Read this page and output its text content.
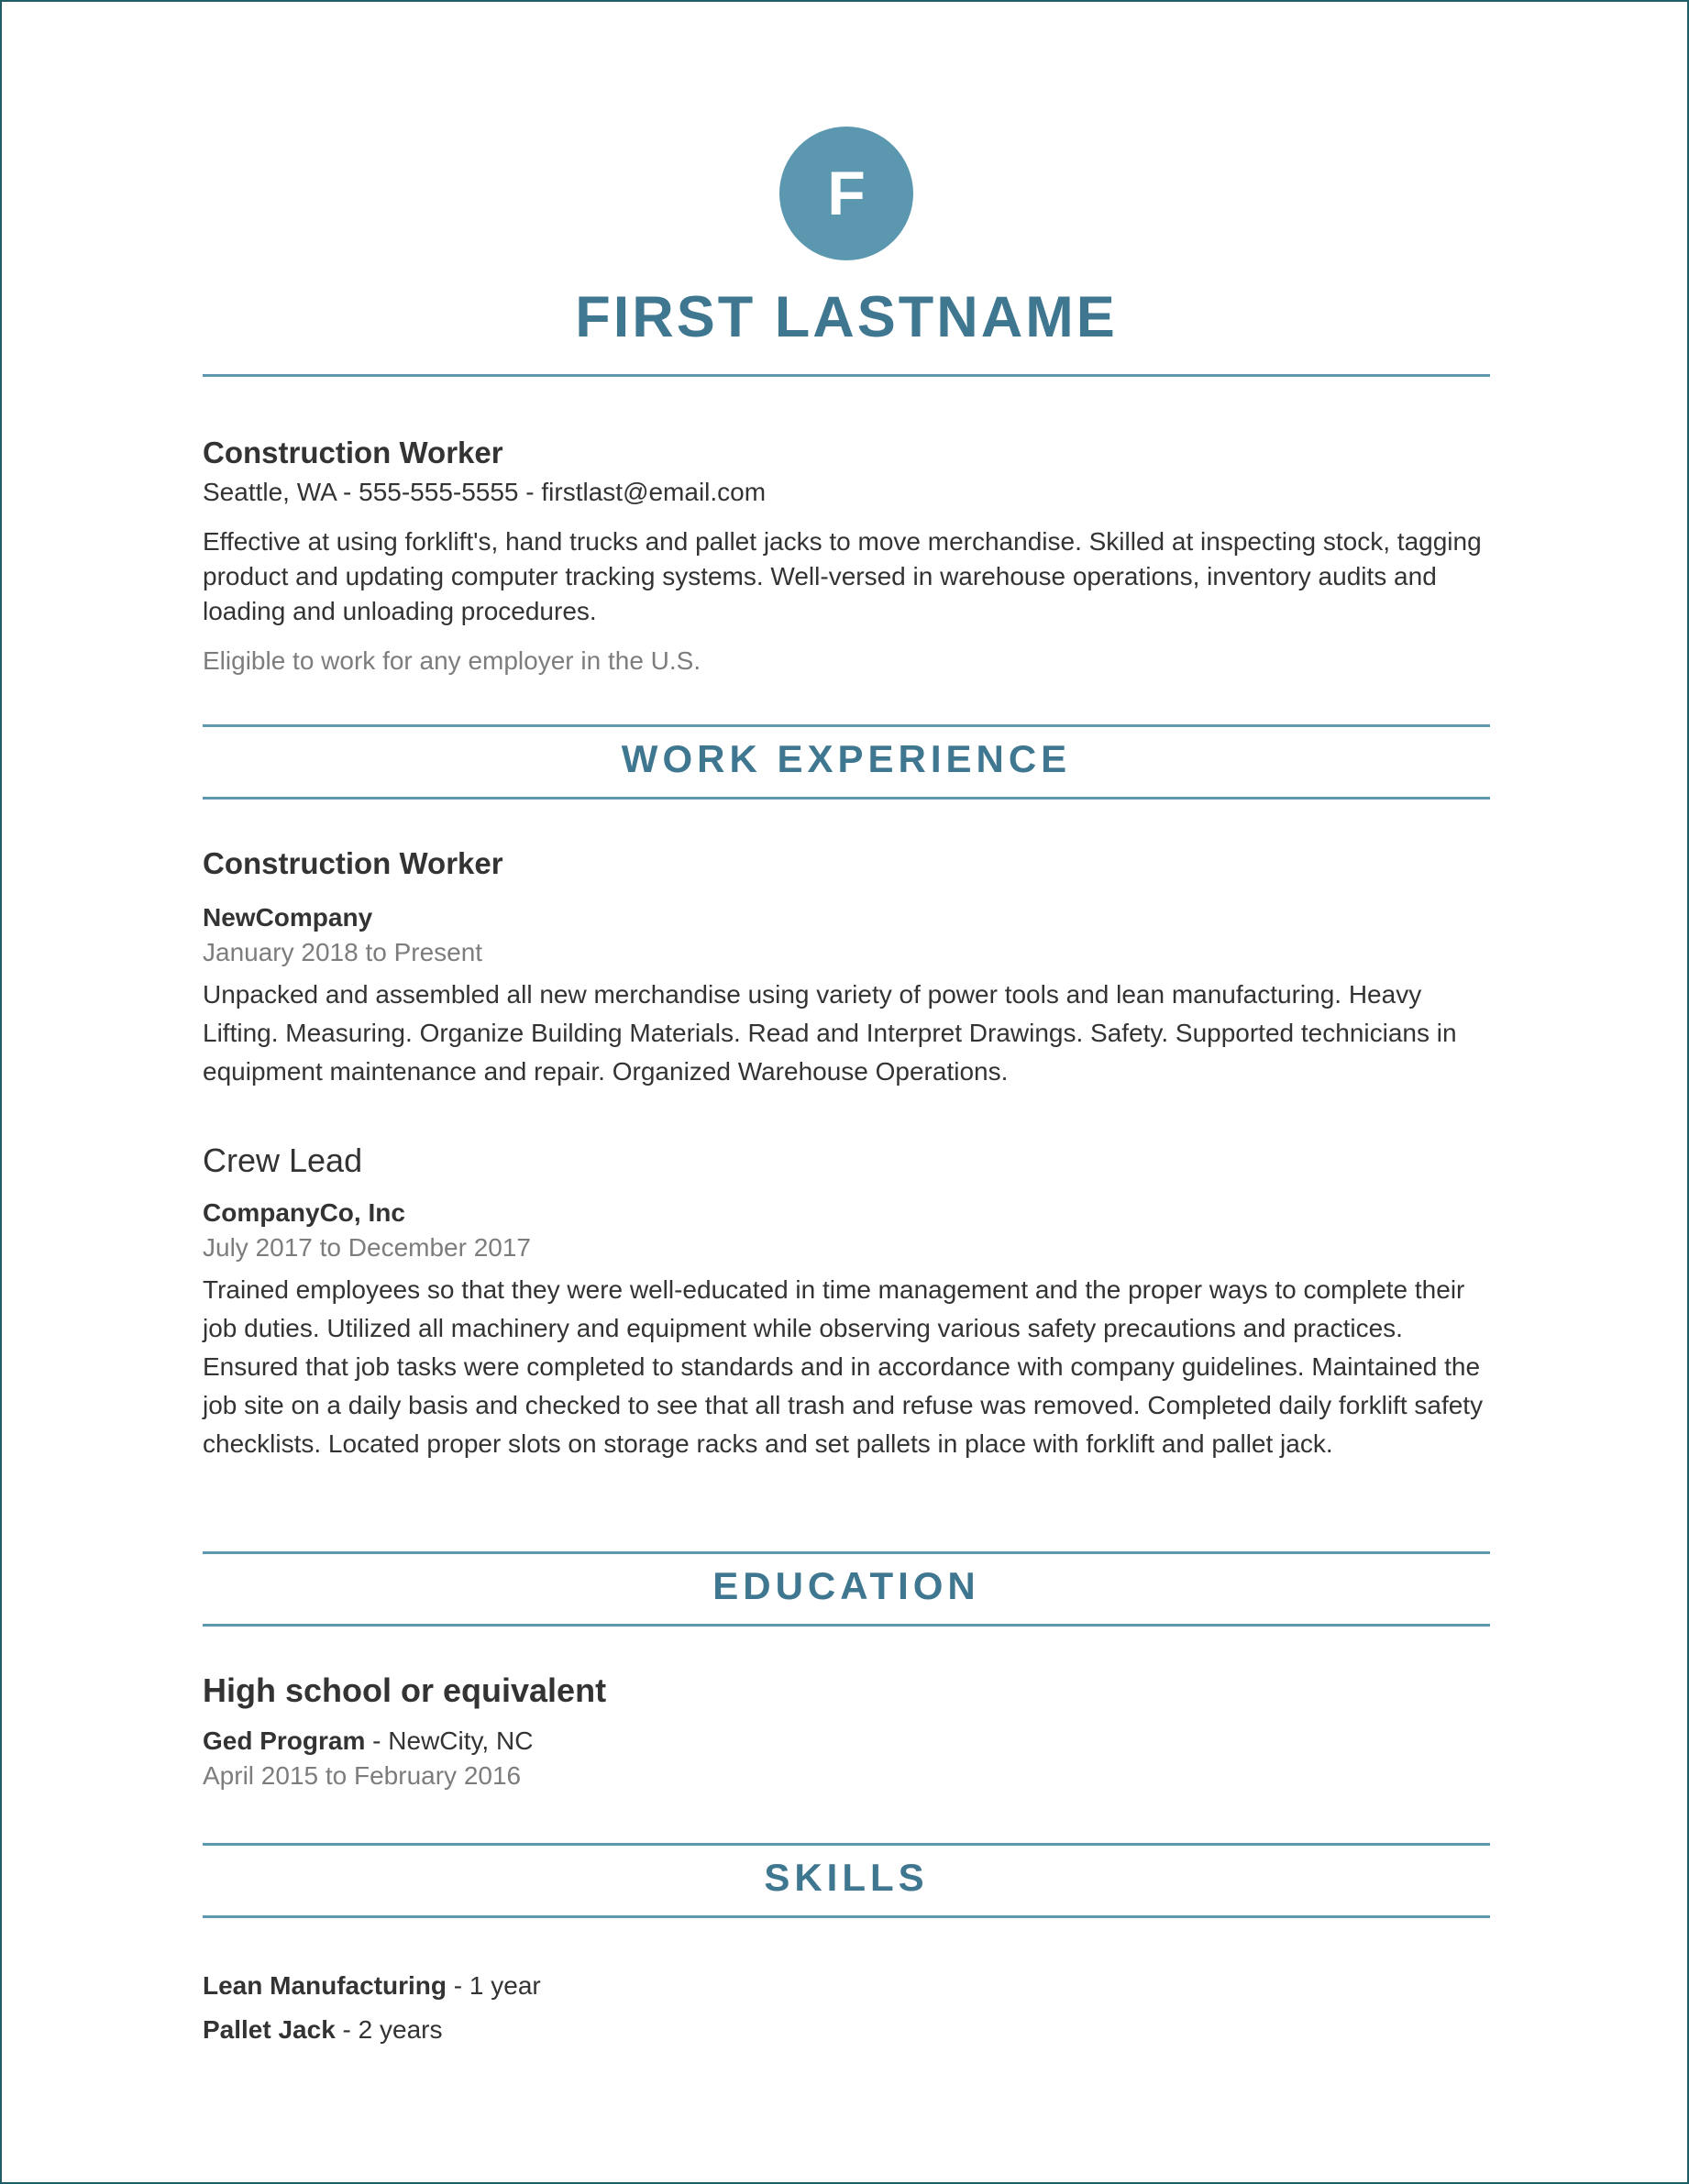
F
FIRST LASTNAME
Construction Worker
Seattle, WA - 555-555-5555 - firstlast@email.com
Effective at using forklift's, hand trucks and pallet jacks to move merchandise. Skilled at inspecting stock, tagging product and updating computer tracking systems. Well-versed in warehouse operations, inventory audits and loading and unloading procedures.
Eligible to work for any employer in the U.S.
WORK EXPERIENCE
Construction Worker
NewCompany
January 2018 to Present
Unpacked and assembled all new merchandise using variety of power tools and lean manufacturing. Heavy Lifting. Measuring. Organize Building Materials. Read and Interpret Drawings. Safety. Supported technicians in equipment maintenance and repair. Organized Warehouse Operations.
Crew Lead
CompanyCo, Inc
July 2017 to December 2017
Trained employees so that they were well-educated in time management and the proper ways to complete their job duties. Utilized all machinery and equipment while observing various safety precautions and practices. Ensured that job tasks were completed to standards and in accordance with company guidelines. Maintained the job site on a daily basis and checked to see that all trash and refuse was removed. Completed daily forklift safety checklists. Located proper slots on storage racks and set pallets in place with forklift and pallet jack.
EDUCATION
High school or equivalent
Ged Program - NewCity, NC
April 2015 to February 2016
SKILLS
Lean Manufacturing - 1 year
Pallet Jack - 2 years
